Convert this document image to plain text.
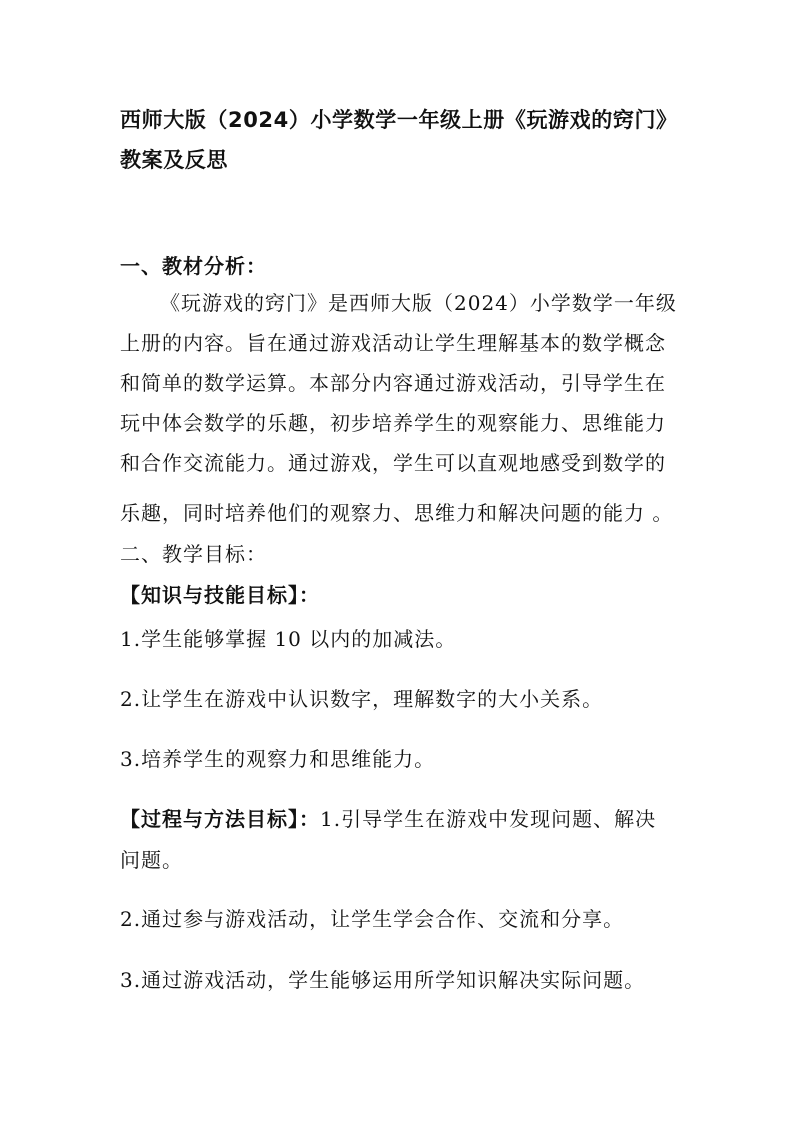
西师大版（2024）小学数学一年级上册《玩游戏的窍门》
教案及反思
一、教材分析：
《玩游戏的窍门》是西师大版（2024）小学数学一年级
上册的内容。旨在通过游戏活动让学生理解基本的数学概念
和简单的数学运算。本部分内容通过游戏活动，引导学生在
玩中体会数学的乐趣，初步培养学生的观察能力、思维能力
和合作交流能力。通过游戏，学生可以直观地感受到数学的
乐趣，同时培养他们的观察力、思维力和解决问题的能力 。
二、教学目标：
【知识与技能目标】：
1.学生能够掌握 10 以内的加减法。
2.让学生在游戏中认识数字，理解数字的大小关系。
3.培养学生的观察力和思维能力。
【过程与方法目标】：1.引导学生在游戏中发现问题、解决
问题。
2.通过参与游戏活动，让学生学会合作、交流和分享。
3.通过游戏活动，学生能够运用所学知识解决实际问题。
